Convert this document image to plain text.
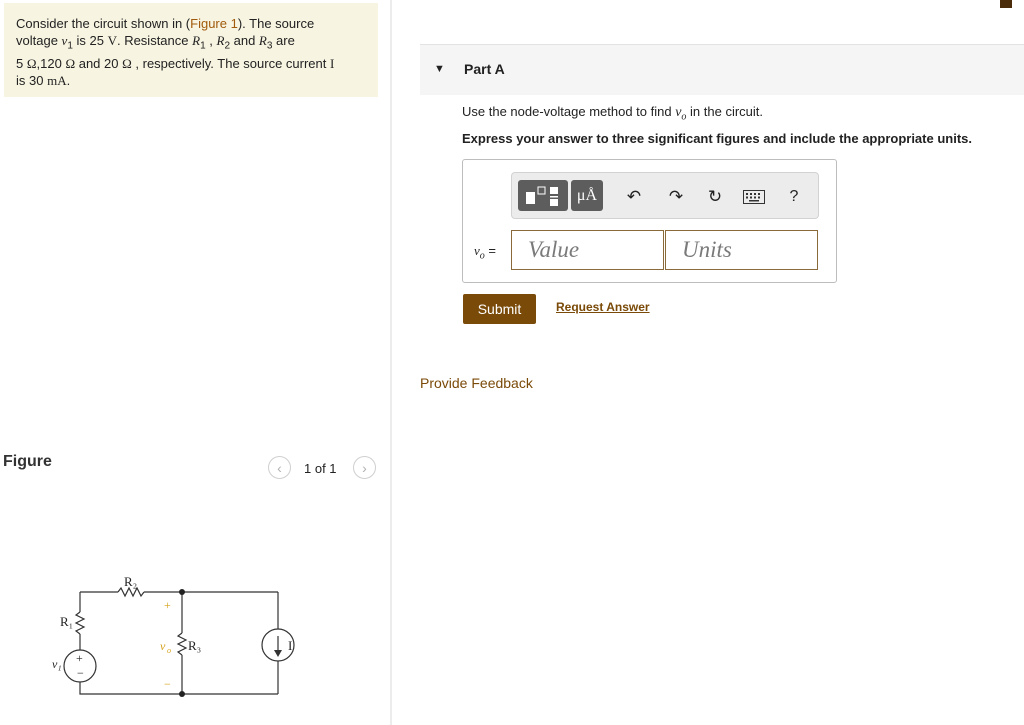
Consider the circuit shown in (Figure 1). The source
voltage $v_1$ is 25 V. Resistance $R_1$ , $R_2$ and $R_3$ are
5 Ω,120 Ω and 20 Ω , respectively. The source current I
is 30 mA.
Figure	‹	1 of 1	›
R₂
R₁
R₃	I
v₁ +
−
+
v o
−
▼ Part A
Use the node-voltage method to find $v_o$ in the circuit.
Express your answer to three significant figures and include the appropriate units.
μÅ	↶ ↷ ↻	?
$v_o$ =
Value
Units
Submit	Request Answer
Provide Feedback
